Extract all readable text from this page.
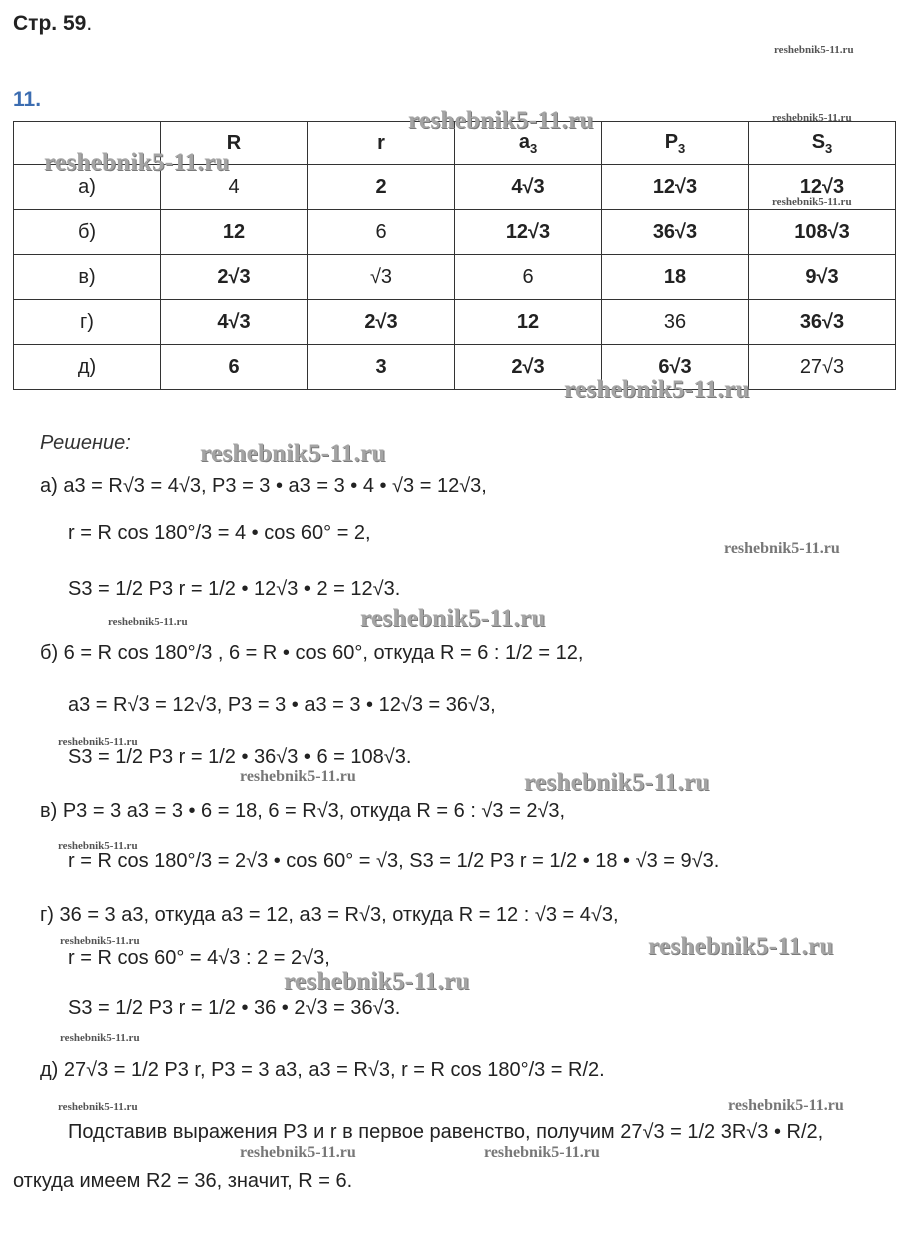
Стр. 59.
11.
	R	r	$a_3$	$P_3$	$S_3$
а)	4	2	4√3	12√3	12√3
б)	12	6	12√3	36√3	108√3
в)	2√3	√3	6	18	9√3
г)	4√3	2√3	12	36	36√3
д)	6	3	2√3	6√3	27√3
Решение:
а) a3 = R√3 = 4√3, P3 = 3 • a3 = 3 • 4 • √3 = 12√3,
r = R cos 180°/3 = 4 • cos 60° = 2,
S3 = 1/2 P3 r = 1/2 • 12√3 • 2 = 12√3.
б) 6 = R cos 180°/3 , 6 = R • cos 60°, откуда R = 6 : 1/2 = 12,
a3 = R√3 = 12√3, P3 = 3 • a3 = 3 • 12√3 = 36√3,
S3 = 1/2 P3 r = 1/2 • 36√3 • 6 = 108√3.
в) P3 = 3 a3 = 3 • 6 = 18, 6 = R√3, откуда R = 6 : √3 = 2√3,
r = R cos 180°/3 = 2√3 • cos 60° = √3, S3 = 1/2 P3 r = 1/2 • 18 • √3 = 9√3.
г) 36 = 3 a3, откуда a3 = 12, a3 = R√3, откуда R = 12 : √3 = 4√3,
r = R cos 60° = 4√3 : 2 = 2√3,
S3 = 1/2 P3 r = 1/2 • 36 • 2√3 = 36√3.
д) 27√3 = 1/2 P3 r, P3 = 3 a3, a3 = R√3, r = R cos 180°/3 = R/2.
Подставив выражения P3 и r в первое равенство, получим 27√3 = 1/2 3R√3 • R/2,
откуда имеем R2 = 36, значит, R = 6.
reshebnik5-11.ru
reshebnik5-11.ru	reshebnik5-11.ru
reshebnik5-11.ru
reshebnik5-11.ru
reshebnik5-11.ru
reshebnik5-11.ru
reshebnik5-11.ru
reshebnik5-11.ru
reshebnik5-11.ru
reshebnik5-11.ru
reshebnik5-11.ru	reshebnik5-11.ru
reshebnik5-11.ru
reshebnik5-11.ru	reshebnik5-11.ru
reshebnik5-11.ru
reshebnik5-11.ru
reshebnik5-11.ru	reshebnik5-11.ru
reshebnik5-11.ru	reshebnik5-11.ru
